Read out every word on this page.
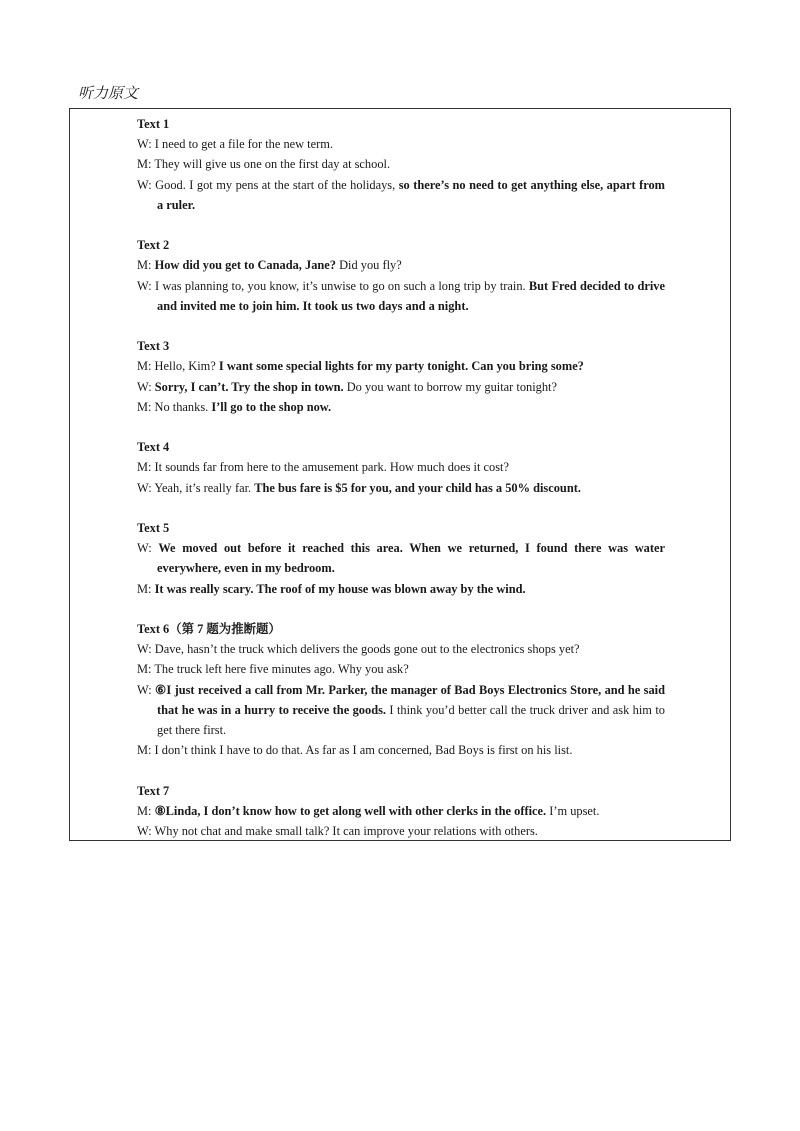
听力原文
Text 1
W: I need to get a file for the new term.
M: They will give us one on the first day at school.
W: Good. I got my pens at the start of the holidays, so there’s no need to get anything else, apart from a ruler.
Text 2
M: How did you get to Canada, Jane? Did you fly?
W: I was planning to, you know, it’s unwise to go on such a long trip by train. But Fred decided to drive and invited me to join him. It took us two days and a night.
Text 3
M: Hello, Kim? I want some special lights for my party tonight. Can you bring some?
W: Sorry, I can’t. Try the shop in town. Do you want to borrow my guitar tonight?
M: No thanks. I’ll go to the shop now.
Text 4
M: It sounds far from here to the amusement park. How much does it cost?
W: Yeah, it’s really far. The bus fare is $5 for you, and your child has a 50% discount.
Text 5
W: We moved out before it reached this area. When we returned, I found there was water everywhere, even in my bedroom.
M: It was really scary. The roof of my house was blown away by the wind.
Text 6（第 7 题为推断题）
W: Dave, hasn’t the truck which delivers the goods gone out to the electronics shops yet?
M: The truck left here five minutes ago. Why you ask?
W: ⑥I just received a call from Mr. Parker, the manager of Bad Boys Electronics Store, and he said that he was in a hurry to receive the goods. I think you’d better call the truck driver and ask him to get there first.
M: I don’t think I have to do that. As far as I am concerned, Bad Boys is first on his list.
Text 7
M: ⑧Linda, I don’t know how to get along well with other clerks in the office. I’m upset.
W: Why not chat and make small talk? It can improve your relations with others.
